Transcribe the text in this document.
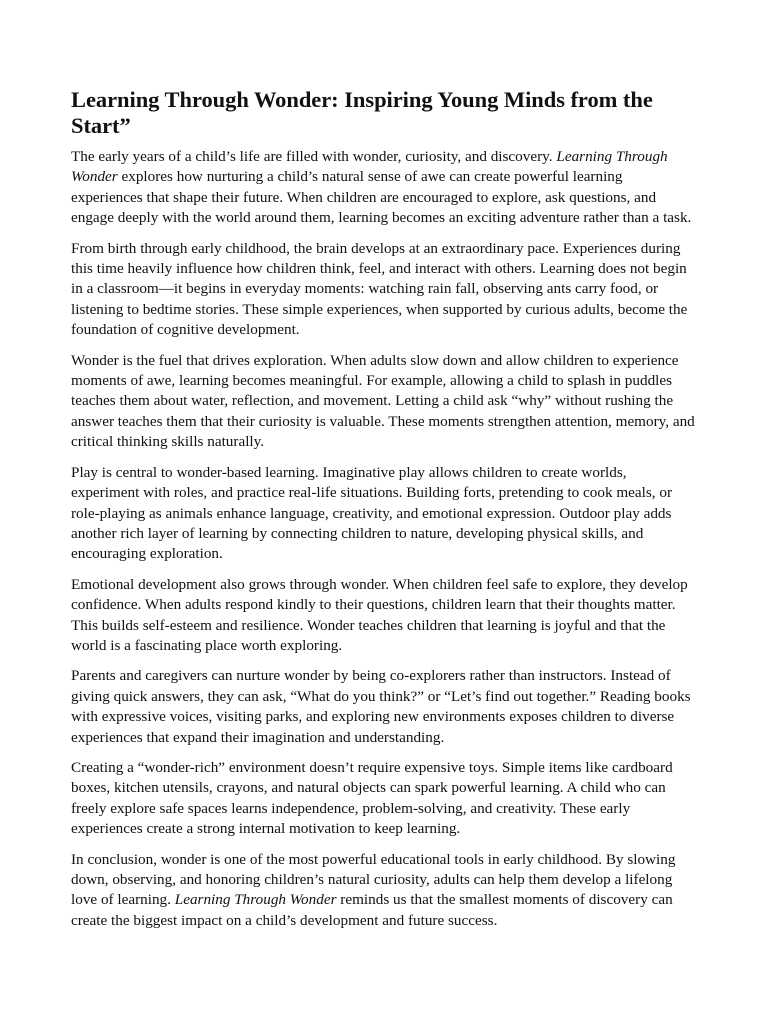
Learning Through Wonder: Inspiring Young Minds from the Start”

The early years of a child’s life are filled with wonder, curiosity, and discovery. Learning Through Wonder explores how nurturing a child’s natural sense of awe can create powerful learning experiences that shape their future. When children are encouraged to explore, ask questions, and engage deeply with the world around them, learning becomes an exciting adventure rather than a task.

From birth through early childhood, the brain develops at an extraordinary pace. Experiences during this time heavily influence how children think, feel, and interact with others. Learning does not begin in a classroom—it begins in everyday moments: watching rain fall, observing ants carry food, or listening to bedtime stories. These simple experiences, when supported by curious adults, become the foundation of cognitive development.

Wonder is the fuel that drives exploration. When adults slow down and allow children to experience moments of awe, learning becomes meaningful. For example, allowing a child to splash in puddles teaches them about water, reflection, and movement. Letting a child ask “why” without rushing the answer teaches them that their curiosity is valuable. These moments strengthen attention, memory, and critical thinking skills naturally.

Play is central to wonder-based learning. Imaginative play allows children to create worlds, experiment with roles, and practice real-life situations. Building forts, pretending to cook meals, or role-playing as animals enhance language, creativity, and emotional expression. Outdoor play adds another rich layer of learning by connecting children to nature, developing physical skills, and encouraging exploration.

Emotional development also grows through wonder. When children feel safe to explore, they develop confidence. When adults respond kindly to their questions, children learn that their thoughts matter. This builds self-esteem and resilience. Wonder teaches children that learning is joyful and that the world is a fascinating place worth exploring.

Parents and caregivers can nurture wonder by being co-explorers rather than instructors. Instead of giving quick answers, they can ask, “What do you think?” or “Let’s find out together.” Reading books with expressive voices, visiting parks, and exploring new environments exposes children to diverse experiences that expand their imagination and understanding.

Creating a “wonder-rich” environment doesn’t require expensive toys. Simple items like cardboard boxes, kitchen utensils, crayons, and natural objects can spark powerful learning. A child who can freely explore safe spaces learns independence, problem-solving, and creativity. These early experiences create a strong internal motivation to keep learning.

In conclusion, wonder is one of the most powerful educational tools in early childhood. By slowing down, observing, and honoring children’s natural curiosity, adults can help them develop a lifelong love of learning. Learning Through Wonder reminds us that the smallest moments of discovery can create the biggest impact on a child’s development and future success.
